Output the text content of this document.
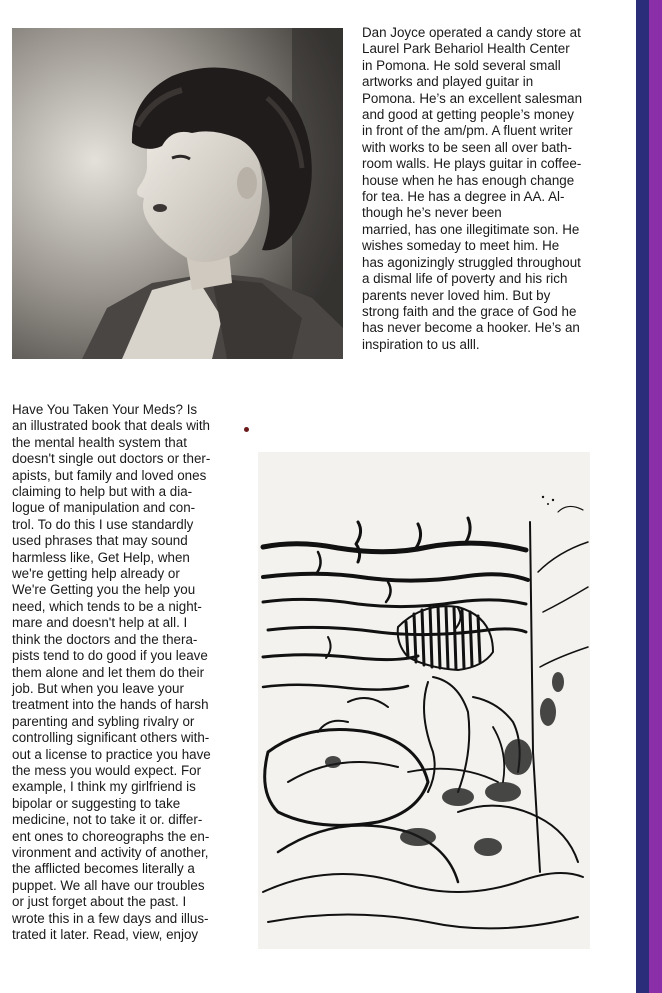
Dan Joyce operated a candy store at
Laurel Park Behariol Health Center
in Pomona. He sold several small
artworks and played guitar in
Pomona. He’s an excellent salesman
and good at getting people’s money
in front of the am/pm. A fluent writer
with works to be seen all over bath-
room walls. He plays guitar in coffee-
house when he has enough change
for tea. He has a degree in AA. Al-
though he’s never been
married, has one illegitimate son. He
wishes someday to meet him. He
has agonizingly struggled throughout
a dismal life of poverty and his rich
parents never loved him. But by
strong faith and the grace of God he
has never become a hooker. He’s an
inspiration to us alll.
Have You Taken Your Meds? Is
an illustrated book that deals with
the mental health system that
doesn't single out doctors or ther-
apists, but family and loved ones
claiming to help but with a dia-
logue of manipulation and con-
trol. To do this I use standardly
used phrases that may sound
harmless like, Get Help, when
we're getting help already or
We're Getting you the help you
need, which tends to be a night-
mare and doesn't help at all. I
think the doctors and the thera-
pists tend to do good if you leave
them alone and let them do their
job. But when you leave your
treatment into the hands of harsh
parenting and sybling rivalry or
controlling significant others with-
out a license to practice you have
the mess you would expect. For
example, I think my girlfriend is
bipolar or suggesting to take
medicine, not to take it or. differ-
ent ones to choreographs the en-
vironment and activity of another,
the afflicted becomes literally a
puppet. We all have our troubles
or just forget about the past. I
wrote this in a few days and illus-
trated it later. Read, view, enjoy
